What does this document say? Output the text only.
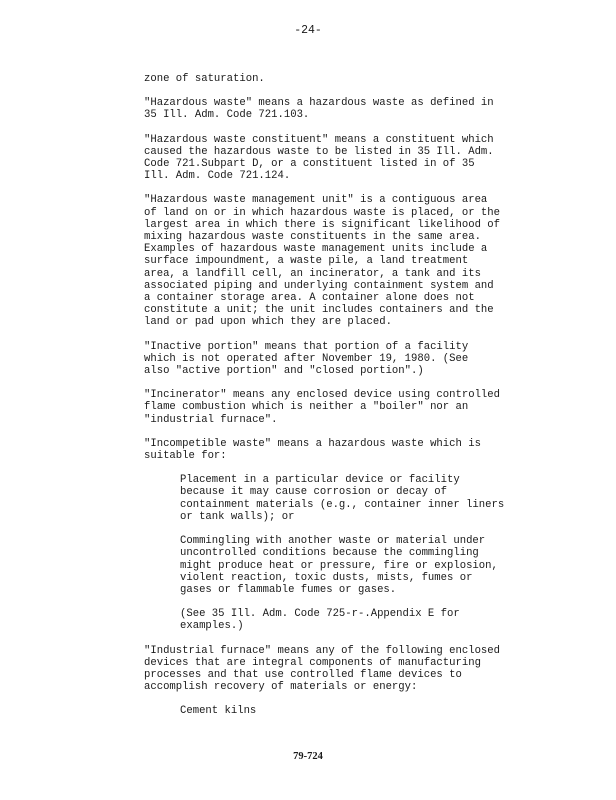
-24-

zone of saturation.

"Hazardous waste" means a hazardous waste as defined in
35 Ill. Adm. Code 721.103.

"Hazardous waste constituent" means a constituent which
caused the hazardous waste to be listed in 35 Ill. Adm.
Code 721.Subpart D, or a constituent listed in of 35
Ill. Adm. Code 721.124.

"Hazardous waste management unit" is a contiguous area
of land on or in which hazardous waste is placed, or the
largest area in which there is significant likelihood of
mixing hazardous waste constituents in the same area.
Examples of hazardous waste management units include a
surface impoundment, a waste pile, a land treatment
area, a landfill cell, an incinerator, a tank and its
associated piping and underlying containment system and
a container storage area. A container alone does not
constitute a unit; the unit includes containers and the
land or pad upon which they are placed.

"Inactive portion" means that portion of a facility
which is not operated after November 19, 1980. (See
also "active portion" and "closed portion".)

"Incinerator" means any enclosed device using controlled
flame combustion which is neither a "boiler" nor an
"industrial furnace".

"Incompetible waste" means a hazardous waste which is
suitable for:

Placement in a particular device or facility
because it may cause corrosion or decay of
containment materials (e.g., container inner liners
or tank walls); or

Commingling with another waste or material under
uncontrolled conditions because the commingling
might produce heat or pressure, fire or explosion,
violent reaction, toxic dusts, mists, fumes or
gases or flammable fumes or gases.

(See 35 Ill. Adm. Code 725-r-.Appendix E for
examples.)

"Industrial furnace" means any of the following enclosed
devices that are integral components of manufacturing
processes and that use controlled flame devices to
accomplish recovery of materials or energy:

Cement kilns

79-724
